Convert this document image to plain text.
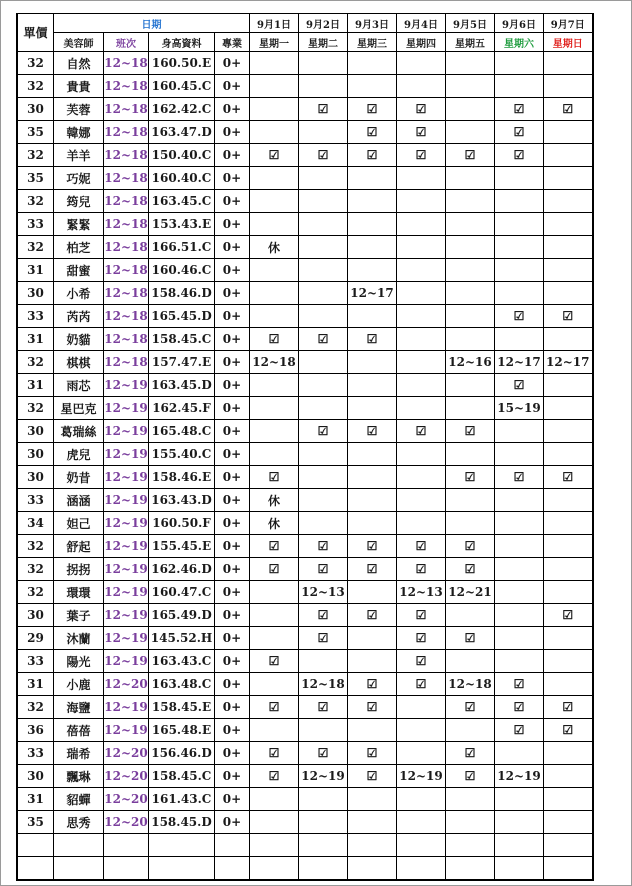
單價	日期				9月1日	9月2日	9月3日	9月4日	9月5日	9月6日	9月7日
	美容師	班次	身高資料	專業	星期一	星期二	星期三	星期四	星期五	星期六	星期日
32	自然	12~18	160.50.E	0+							
32	貴貴	12~18	160.45.C	0+							
30	芙蓉	12~18	162.42.C	0+		☑	☑	☑		☑	☑
35	韓娜	12~18	163.47.D	0+			☑	☑		☑	
32	羊羊	12~18	150.40.C	0+	☑	☑	☑	☑	☑	☑	
35	巧妮	12~18	160.40.C	0+							
32	筠兒	12~18	163.45.C	0+							
33	緊緊	12~18	153.43.E	0+							
32	柏芝	12~18	166.51.C	0+	休						
31	甜蜜	12~18	160.46.C	0+							
30	小希	12~18	158.46.D	0+			12~17				
33	芮芮	12~18	165.45.D	0+						☑	☑
31	奶貓	12~18	158.45.C	0+	☑	☑	☑				
32	棋棋	12~18	157.47.E	0+	12~18				12~16	12~17	12~17
31	雨芯	12~19	163.45.D	0+						☑	
32	星巴克	12~19	162.45.F	0+						15~19	
30	葛瑞絲	12~19	165.48.C	0+		☑	☑	☑	☑		
30	虎兒	12~19	155.40.C	0+							
30	奶昔	12~19	158.46.E	0+	☑				☑	☑	☑
33	涵涵	12~19	163.43.D	0+	休						
34	妲己	12~19	160.50.F	0+	休						
32	舒起	12~19	155.45.E	0+	☑	☑	☑	☑	☑		
32	拐拐	12~19	162.46.D	0+	☑	☑	☑	☑	☑		
32	環環	12~19	160.47.C	0+		12~13		12~13	12~21		
30	葉子	12~19	165.49.D	0+		☑	☑	☑			☑
29	沐蘭	12~19	145.52.H	0+		☑		☑	☑		
33	陽光	12~19	163.43.C	0+	☑			☑			
31	小鹿	12~20	163.48.C	0+		12~18	☑	☑	12~18	☑	
32	海鹽	12~19	158.45.E	0+	☑	☑	☑		☑	☑	☑
36	蓓蓓	12~19	165.48.E	0+						☑	☑
33	瑞希	12~20	156.46.D	0+	☑	☑	☑		☑		
30	飄琳	12~20	158.45.C	0+	☑	12~19	☑	12~19	☑	12~19	
31	貂蟬	12~20	161.43.C	0+							
35	思秀	12~20	158.45.D	0+							
